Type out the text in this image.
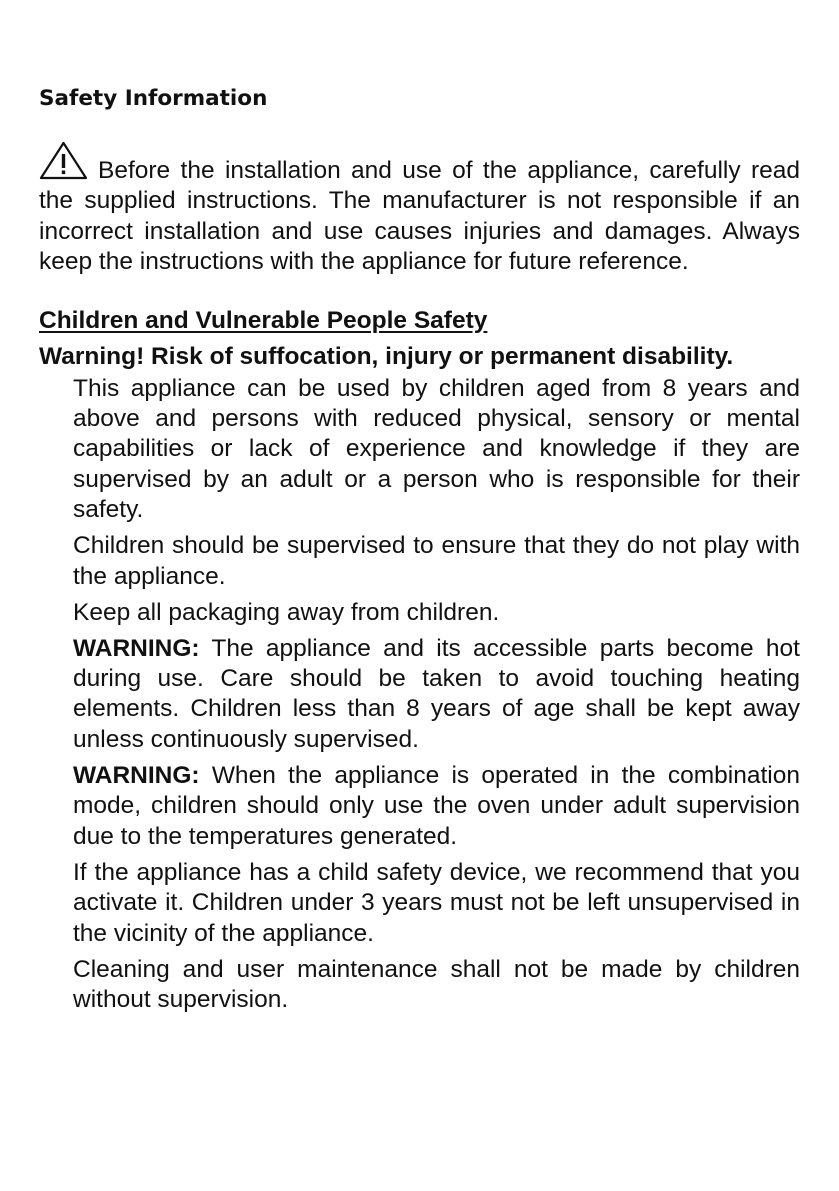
Safety Information

Before the installation and use of the appliance, carefully read the supplied instructions. The manufacturer is not responsible if an incorrect installation and use causes injuries and damages. Always keep the instructions with the appliance for future reference.

Children and Vulnerable People Safety
Warning! Risk of suffocation, injury or permanent disability.
This appliance can be used by children aged from 8 years and above and persons with reduced physical, sensory or mental capabilities or lack of experience and knowledge if they are supervised by an adult or a person who is responsible for their safety.
Children should be supervised to ensure that they do not play with the appliance.
Keep all packaging away from children.
WARNING: The appliance and its accessible parts become hot during use. Care should be taken to avoid touching heating elements. Children less than 8 years of age shall be kept away unless continuously supervised.
WARNING: When the appliance is operated in the combination mode, children should only use the oven under adult supervision due to the temperatures generated.
If the appliance has a child safety device, we recommend that you activate it. Children under 3 years must not be left unsupervised in the vicinity of the appliance.
Cleaning and user maintenance shall not be made by children without supervision.
